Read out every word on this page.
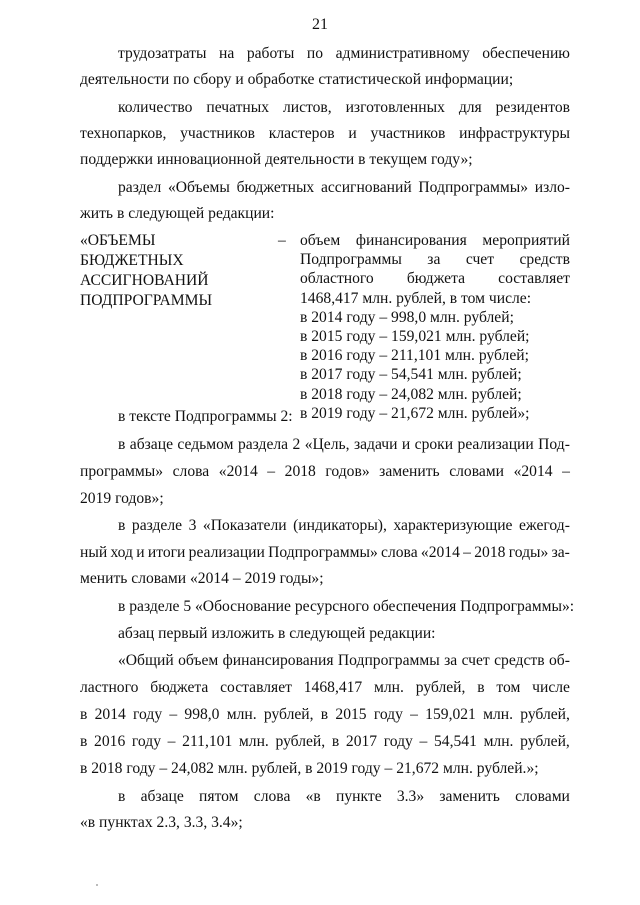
21
трудозатраты на работы по административному обеспечению
деятельности по сбору и обработке статистической информации;
количество печатных листов, изготовленных для резидентов
технопарков, участников кластеров и участников инфраструктуры
поддержки инновационной деятельности в текущем году»;
раздел «Объемы бюджетных ассигнований Подпрограммы» изло-
жить в следующей редакции:
«ОБЪЕМЫ
БЮДЖЕТНЫХ
АССИГНОВАНИЙ
ПОДПРОГРАММЫ
– объем финансирования мероприятий
Подпрограммы за счет средств
областного бюджета составляет
1468,417 млн. рублей, в том числе:
в 2014 году – 998,0 млн. рублей;
в 2015 году – 159,021 млн. рублей;
в 2016 году – 211,101 млн. рублей;
в 2017 году – 54,541 млн. рублей;
в 2018 году – 24,082 млн. рублей;
в 2019 году – 21,672 млн. рублей»;
в тексте Подпрограммы 2:
в абзаце седьмом раздела 2 «Цель, задачи и сроки реализации Под-
программы» слова «2014 – 2018 годов» заменить словами «2014 –
2019 годов»;
в разделе 3 «Показатели (индикаторы), характеризующие ежегод-
ный ход и итоги реализации Подпрограммы» слова «2014 – 2018 годы» за-
менить словами «2014 – 2019 годы»;
в разделе 5 «Обоснование ресурсного обеспечения Подпрограммы»:
абзац первый изложить в следующей редакции:
«Общий объем финансирования Подпрограммы за счет средств об-
ластного бюджета составляет 1468,417 млн. рублей, в том числе
в 2014 году – 998,0 млн. рублей, в 2015 году – 159,021 млн. рублей,
в 2016 году – 211,101 млн. рублей, в 2017 году – 54,541 млн. рублей,
в 2018 году – 24,082 млн. рублей, в 2019 году – 21,672 млн. рублей.»;
в абзаце пятом слова «в пункте 3.3» заменить словами
«в пунктах 2.3, 3.3, 3.4»;
